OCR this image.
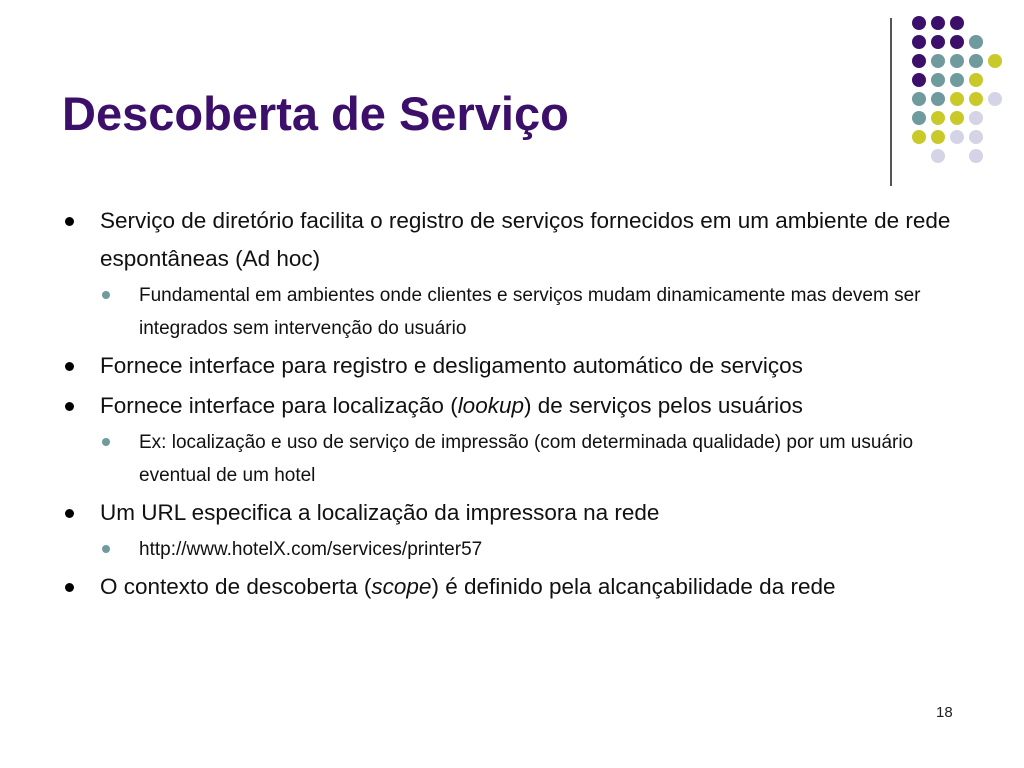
Descoberta de Serviço
Serviço de diretório facilita o registro de serviços fornecidos em um ambiente de rede espontâneas (Ad hoc)
Fundamental em ambientes onde clientes e serviços mudam dinamicamente mas devem ser integrados sem intervenção do usuário
Fornece interface para registro e desligamento automático de serviços
Fornece interface para localização (lookup) de serviços pelos usuários
Ex: localização e uso de serviço de impressão (com determinada qualidade) por um usuário eventual de um hotel
Um URL especifica a localização da impressora na rede
http://www.hotelX.com/services/printer57
O contexto de descoberta (scope) é definido pela alcançabilidade da rede
18
